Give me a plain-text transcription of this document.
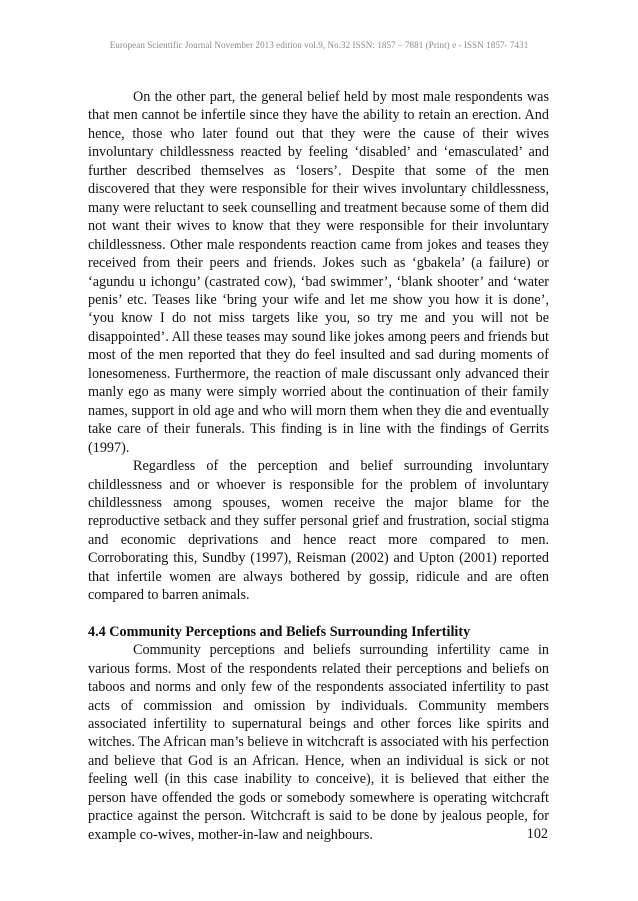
European Scientific Journal November 2013 edition vol.9, No.32 ISSN: 1857 – 7881 (Print) e - ISSN 1857- 7431

On the other part, the general belief held by most male respondents was that men cannot be infertile since they have the ability to retain an erection. And hence, those who later found out that they were the cause of their wives involuntary childlessness reacted by feeling ‘disabled’ and ‘emasculated’ and further described themselves as ‘losers’. Despite that some of the men discovered that they were responsible for their wives involuntary childlessness, many were reluctant to seek counselling and treatment because some of them did not want their wives to know that they were responsible for their involuntary childlessness. Other male respondents reaction came from jokes and teases they received from their peers and friends. Jokes such as ‘gbakela’ (a failure) or ‘agundu u ichongu’ (castrated cow), ‘bad swimmer’, ‘blank shooter’ and ‘water penis’ etc. Teases like ‘bring your wife and let me show you how it is done’, ‘you know I do not miss targets like you, so try me and you will not be disappointed’. All these teases may sound like jokes among peers and friends but most of the men reported that they do feel insulted and sad during moments of lonesomeness. Furthermore, the reaction of male discussant only advanced their manly ego as many were simply worried about the continuation of their family names, support in old age and who will morn them when they die and eventually take care of their funerals. This finding is in line with the findings of Gerrits (1997).

Regardless of the perception and belief surrounding involuntary childlessness and or whoever is responsible for the problem of involuntary childlessness among spouses, women receive the major blame for the reproductive setback and they suffer personal grief and frustration, social stigma and economic deprivations and hence react more compared to men. Corroborating this, Sundby (1997), Reisman (2002) and Upton (2001) reported that infertile women are always bothered by gossip, ridicule and are often compared to barren animals.

4.4 Community Perceptions and Beliefs Surrounding Infertility

Community perceptions and beliefs surrounding infertility came in various forms. Most of the respondents related their perceptions and beliefs on taboos and norms and only few of the respondents associated infertility to past acts of commission and omission by individuals. Community members associated infertility to supernatural beings and other forces like spirits and witches. The African man’s believe in witchcraft is associated with his perfection and believe that God is an African. Hence, when an individual is sick or not feeling well (in this case inability to conceive), it is believed that either the person have offended the gods or somebody somewhere is operating witchcraft practice against the person. Witchcraft is said to be done by jealous people, for example co-wives, mother-in-law and neighbours.	102
